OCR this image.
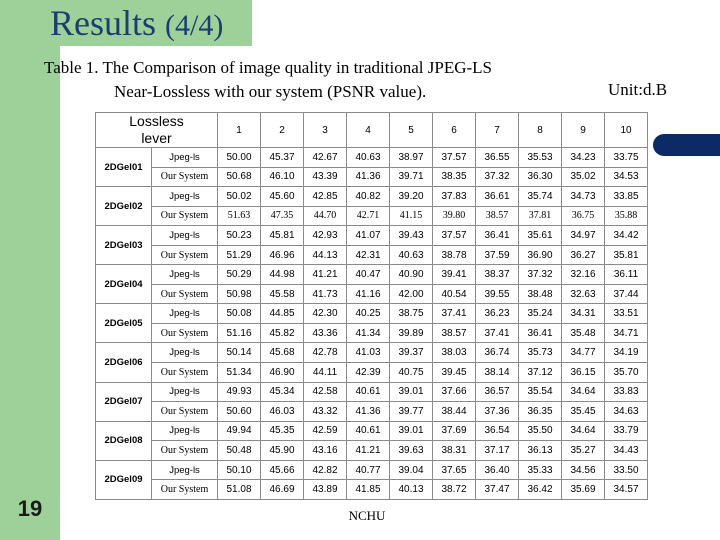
Results (4/4)
Table 1. The Comparison of image quality in traditional JPEG-LS
Near-Lossless with our system (PSNR value).	Unit:d.B
Lossless
lever		1	2	3	4	5	6	7	8	9	10
2DGel01	Jpeg-ls	50.00	45.37	42.67	40.63	38.97	37.57	36.55	35.53	34.23	33.75
	Our System	50.68	46.10	43.39	41.36	39.71	38.35	37.32	36.30	35.02	34.53
2DGel02	Jpeg-ls	50.02	45.60	42.85	40.82	39.20	37.83	36.61	35.74	34.73	33.85
	Our System	51.63	47.35	44.70	42.71	41.15	39.80	38.57	37.81	36.75	35.88
2DGel03	Jpeg-ls	50.23	45.81	42.93	41.07	39.43	37.57	36.41	35.61	34.97	34.42
	Our System	51.29	46.96	44.13	42.31	40.63	38.78	37.59	36.90	36.27	35.81
2DGel04	Jpeg-ls	50.29	44.98	41.21	40.47	40.90	39.41	38.37	37.32	32.16	36.11
	Our System	50.98	45.58	41.73	41.16	42.00	40.54	39.55	38.48	32.63	37.44
2DGel05	Jpeg-ls	50.08	44.85	42.30	40.25	38.75	37.41	36.23	35.24	34.31	33.51
	Our System	51.16	45.82	43.36	41.34	39.89	38.57	37.41	36.41	35.48	34.71
2DGel06	Jpeg-ls	50.14	45.68	42.78	41.03	39.37	38.03	36.74	35.73	34.77	34.19
	Our System	51.34	46.90	44.11	42.39	40.75	39.45	38.14	37.12	36.15	35.70
2DGel07	Jpeg-ls	49.93	45.34	42.58	40.61	39.01	37.66	36.57	35.54	34.64	33.83
	Our System	50.60	46.03	43.32	41.36	39.77	38.44	37.36	36.35	35.45	34.63
2DGel08	Jpeg-ls	49.94	45.35	42.59	40.61	39.01	37.69	36.54	35.50	34.64	33.79
	Our System	50.48	45.90	43.16	41.21	39.63	38.31	37.17	36.13	35.27	34.43
2DGel09	Jpeg-ls	50.10	45.66	42.82	40.77	39.04	37.65	36.40	35.33	34.56	33.50
	Our System	51.08	46.69	43.89	41.85	40.13	38.72	37.47	36.42	35.69	34.57
19	NCHU
